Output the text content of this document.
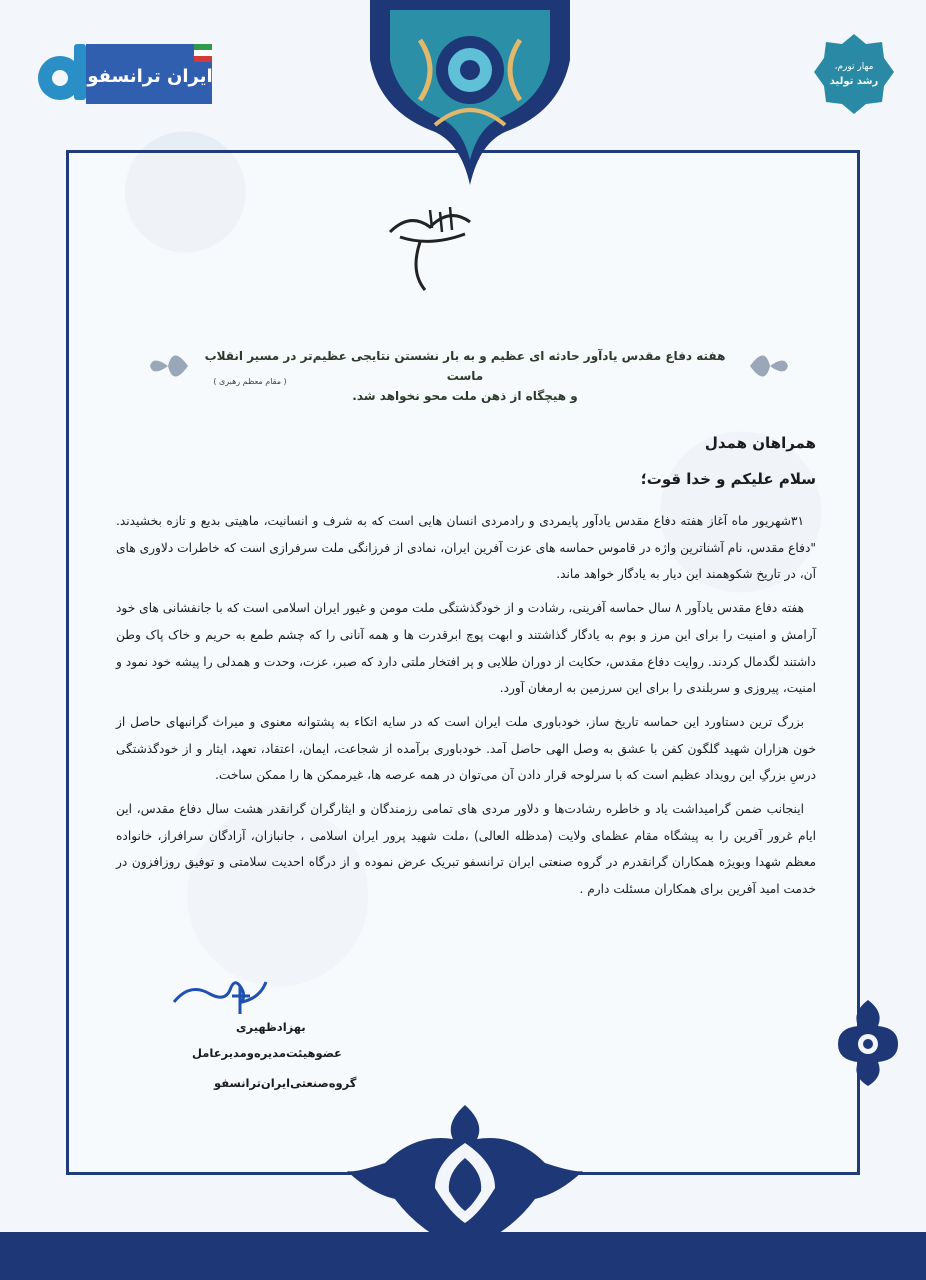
ایران ترانسفو	مهار تورم،
رشد تولید
هفته دفاع مقدس یادآور حادثه ای عظیم و به بار نشستن نتایجی عظیم‌تر در مسیر انقلاب ماست
و هیچگاه از ذهن ملت محو نخواهد شد.
( مقام معظم رهبری )
همراهان همدل
سلام علیکم و خدا قوت؛

۳۱شهریور ماه آغاز هفته دفاع مقدس یادآور پایمردی و رادمردی انسان هایی است که به شرف و انسانیت، ماهیتی بدیع و تازه بخشیدند. "دفاع مقدس، نام آشناترین واژه در قاموس حماسه های عزت آفرین ایران، نمادی از فرزانگی ملت سرفرازی است که خاطرات دلاوری های آن، در تاریخ شکوهمند این دیار به یادگار خواهد ماند.

هفته دفاع مقدس یادآور ۸ سال حماسه آفرینی، رشادت و از خودگذشتگی ملت مومن و غیور ایران اسلامی است که با جانفشانی های خود آرامش و امنیت را برای این مرز و بوم به یادگار گذاشتند و ابهت پوچ ابرقدرت ها و همه آنانی را که چشم طمع به حریم و خاک پاک وطن داشتند لگدمال کردند. روایت دفاع مقدس، حکایت از دوران طلایی و پر افتخار ملتی دارد که صبر، عزت، وحدت و همدلی را پیشه خود نمود و امنیت، پیروزی و سربلندی را برای این سرزمین به ارمغان آورد.

بزرگ ترین دستاورد این حماسه تاریخ ساز، خودباوری ملت ایران است که در سایه اتکاء به پشتوانه معنوی و میراث گرانبهای حاصل از خون هزاران شهید گلگون کفن با عشق به وصل الهی حاصل آمد. خودباوری برآمده از شجاعت، ایمان، اعتقاد، تعهد، ایثار و از خودگذشتگی درسِ بزرگِ این رویداد عظیم است که با سرلوحه قرار دادن آن می‌توان در همه عرصه ها، غیرممکن ها را ممکن ساخت.

اینجانب ضمن گرامیداشت یاد و خاطره رشادت‌ها و دلاور مردی های تمامی رزمندگان و ایثارگران گرانقدر هشت سال دفاع مقدس، این ایام غرور آفرین را به پیشگاه مقام عظمای ولایت (مدظله العالی) ،ملت شهید پرور ایران اسلامی ، جانبازان، آزادگان سرافراز، خانواده معظم شهدا وبویژه همکاران گرانقدرم در گروه صنعتی ایران ترانسفو تبریک عرض نموده و از درگاه احدیت سلامتی و توفیق روزافزون در خدمت امید آفرین برای همکاران مسئلت دارم .

بهزادظهیری
عضوهیئت‌مدیره‌ومدیرعامل
گروه‌صنعتی‌ایران‌ترانسفو
